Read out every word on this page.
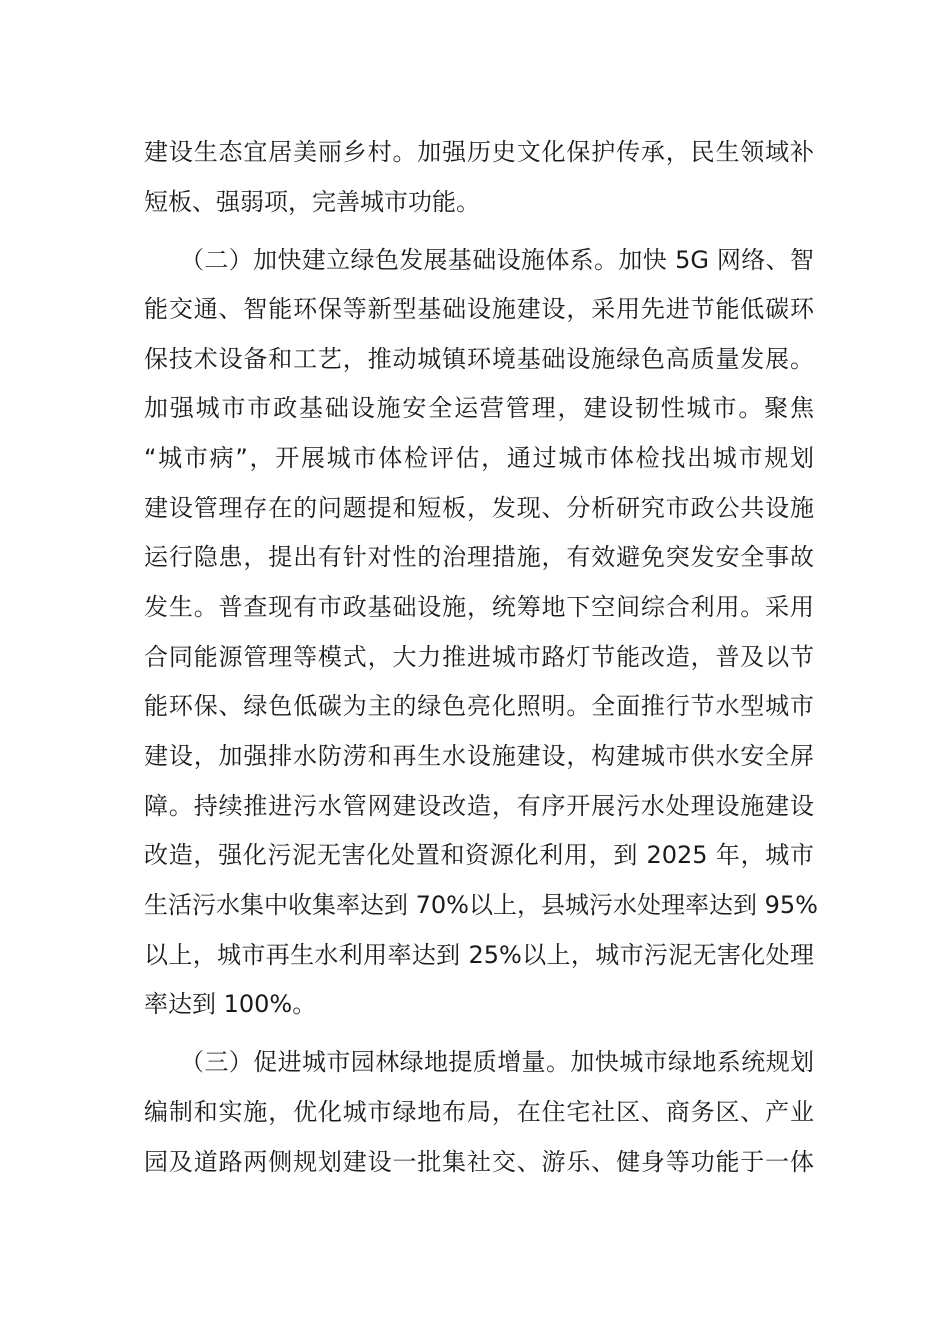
建设生态宜居美丽乡村。加强历史文化保护传承，民生领域补
短板、强弱项，完善城市功能。
（二）加快建立绿色发展基础设施体系。加快 5G 网络、智
能交通、智能环保等新型基础设施建设，采用先进节能低碳环
保技术设备和工艺，推动城镇环境基础设施绿色高质量发展。
加强城市市政基础设施安全运营管理，建设韧性城市。聚焦
“城市病”，开展城市体检评估，通过城市体检找出城市规划
建设管理存在的问题提和短板，发现、分析研究市政公共设施
运行隐患，提出有针对性的治理措施，有效避免突发安全事故
发生。普查现有市政基础设施，统筹地下空间综合利用。采用
合同能源管理等模式，大力推进城市路灯节能改造，普及以节
能环保、绿色低碳为主的绿色亮化照明。全面推行节水型城市
建设，加强排水防涝和再生水设施建设，构建城市供水安全屏
障。持续推进污水管网建设改造，有序开展污水处理设施建设
改造，强化污泥无害化处置和资源化利用，到 2025 年，城市
生活污水集中收集率达到 70%以上，县城污水处理率达到 95%
以上，城市再生水利用率达到 25%以上，城市污泥无害化处理
率达到 100%。
（三）促进城市园林绿地提质增量。加快城市绿地系统规划
编制和实施，优化城市绿地布局，在住宅社区、商务区、产业
园及道路两侧规划建设一批集社交、游乐、健身等功能于一体
